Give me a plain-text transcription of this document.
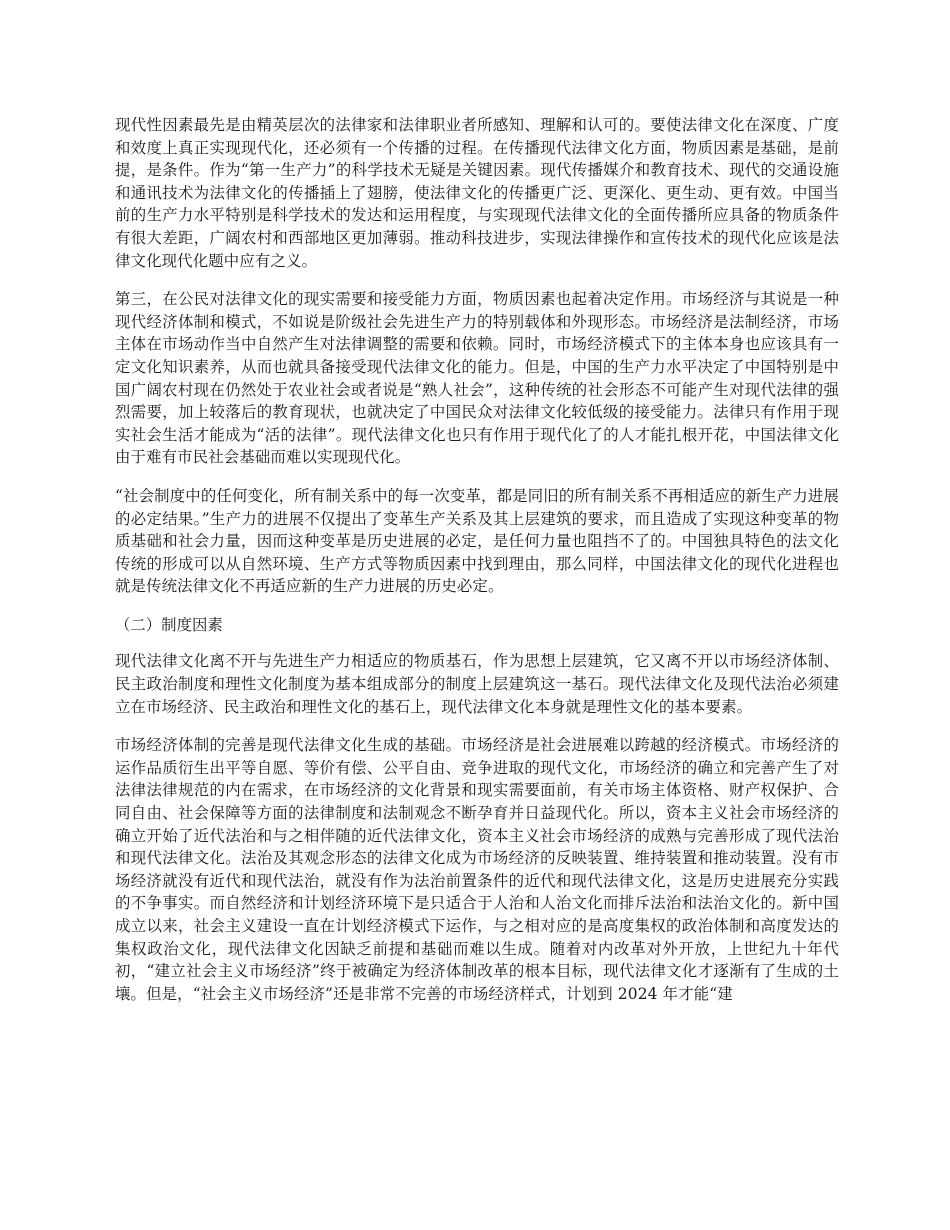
现代性因素最先是由精英层次的法律家和法律职业者所感知、理解和认可的。要使法律文化在深度、广度和效度上真正实现现代化，还必须有一个传播的过程。在传播现代法律文化方面，物质因素是基础，是前提，是条件。作为“第一生产力”的科学技术无疑是关键因素。现代传播媒介和教育技术、现代的交通设施和通讯技术为法律文化的传播插上了翅膀，使法律文化的传播更广泛、更深化、更生动、更有效。中国当前的生产力水平特别是科学技术的发达和运用程度，与实现现代法律文化的全面传播所应具备的物质条件有很大差距，广阔农村和西部地区更加薄弱。推动科技进步，实现法律操作和宣传技术的现代化应该是法律文化现代化题中应有之义。

第三，在公民对法律文化的现实需要和接受能力方面，物质因素也起着决定作用。市场经济与其说是一种现代经济体制和模式，不如说是阶级社会先进生产力的特别载体和外现形态。市场经济是法制经济，市场主体在市场动作当中自然产生对法律调整的需要和依赖。同时，市场经济模式下的主体本身也应该具有一定文化知识素养，从而也就具备接受现代法律文化的能力。但是，中国的生产力水平决定了中国特别是中国广阔农村现在仍然处于农业社会或者说是“熟人社会”，这种传统的社会形态不可能产生对现代法律的强烈需要，加上较落后的教育现状，也就决定了中国民众对法律文化较低级的接受能力。法律只有作用于现实社会生活才能成为“活的法律”。现代法律文化也只有作用于现代化了的人才能扎根开花，中国法律文化由于难有市民社会基础而难以实现现代化。

“社会制度中的任何变化，所有制关系中的每一次变革，都是同旧的所有制关系不再相适应的新生产力进展的必定结果。”生产力的进展不仅提出了变革生产关系及其上层建筑的要求，而且造成了实现这种变革的物质基础和社会力量，因而这种变革是历史进展的必定，是任何力量也阻挡不了的。中国独具特色的法文化传统的形成可以从自然环境、生产方式等物质因素中找到理由，那么同样，中国法律文化的现代化进程也就是传统法律文化不再适应新的生产力进展的历史必定。

（二）制度因素

现代法律文化离不开与先进生产力相适应的物质基石，作为思想上层建筑，它又离不开以市场经济体制、民主政治制度和理性文化制度为基本组成部分的制度上层建筑这一基石。现代法律文化及现代法治必须建立在市场经济、民主政治和理性文化的基石上，现代法律文化本身就是理性文化的基本要素。

市场经济体制的完善是现代法律文化生成的基础。市场经济是社会进展难以跨越的经济模式。市场经济的运作品质衍生出平等自愿、等价有偿、公平自由、竞争进取的现代文化，市场经济的确立和完善产生了对法律法律规范的内在需求，在市场经济的文化背景和现实需要面前，有关市场主体资格、财产权保护、合同自由、社会保障等方面的法律制度和法制观念不断孕育并日益现代化。所以，资本主义社会市场经济的确立开始了近代法治和与之相伴随的近代法律文化，资本主义社会市场经济的成熟与完善形成了现代法治和现代法律文化。法治及其观念形态的法律文化成为市场经济的反映装置、维持装置和推动装置。没有市场经济就没有近代和现代法治，就没有作为法治前置条件的近代和现代法律文化，这是历史进展充分实践的不争事实。而自然经济和计划经济环境下是只适合于人治和人治文化而排斥法治和法治文化的。新中国成立以来，社会主义建设一直在计划经济模式下运作，与之相对应的是高度集权的政治体制和高度发达的集权政治文化，现代法律文化因缺乏前提和基础而难以生成。随着对内改革对外开放，上世纪九十年代初，“建立社会主义市场经济”终于被确定为经济体制改革的根本目标，现代法律文化才逐渐有了生成的土壤。但是，“社会主义市场经济”还是非常不完善的市场经济样式，计划到 2024 年才能“建
